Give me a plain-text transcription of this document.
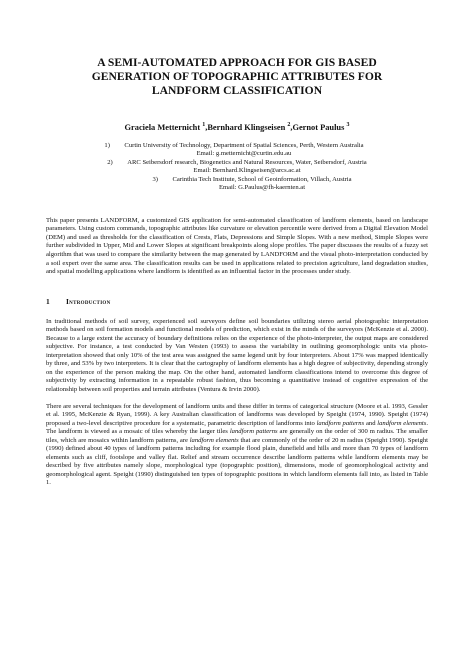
A SEMI-AUTOMATED APPROACH FOR GIS BASED
GENERATION OF TOPOGRAPHIC ATTRIBUTES FOR
LANDFORM CLASSIFICATION
Graciela Metternicht $^1$,Bernhard Klingseisen $^2$,Gernot Paulus $^3$
1)	Curtin University of Technology, Department of Spatial Sciences, Perth, Western Australia
Email: g.metternicht@curtin.edu.au
2)	ARC Seibersdorf research, Biogenetics and Natural Resources, Water, Seibersdorf, Austria
Email: Bernhard.Klingseisen@arcs.ac.at
3)	Carinthia Tech Institute, School of Geoinformation, Villach, Austria
Email: G.Paulus@fh-kaernten.at

This paper presents LANDFORM, a customized GIS application for semi-automated classification of landform elements, based on landscape parameters. Using custom commands, topographic attributes like curvature or elevation percentile were derived from a Digital Elevation Model (DEM) and used as thresholds for the classification of Crests, Flats, Depressions and Simple Slopes. With a new method, Simple Slopes were further subdivided in Upper, Mid and Lower Slopes at significant breakpoints along slope profiles. The paper discusses the results of a fuzzy set algorithm that was used to compare the similarity between the map generated by LANDFORM and the visual photo-interpretation conducted by a soil expert over the same area. The classification results can be used in applications related to precision agriculture, land degradation studies, and spatial modelling applications where landform is identified as an influential factor in the processes under study.

1	Introduction

In traditional methods of soil survey, experienced soil surveyors define soil boundaries utilizing stereo aerial photographic interpretation methods based on soil formation models and functional models of prediction, which exist in the minds of the surveyors (McKenzie et al. 2000). Because to a large extent the accuracy of boundary definitions relies on the experience of the photo-interpreter, the output maps are considered subjective. For instance, a test conducted by Van Westen (1993) to assess the variability in outlining geomorphologic units via photo-interpretation showed that only 10% of the test area was assigned the same legend unit by four interpreters. About 17% was mapped identically by three, and 53% by two interpreters. It is clear that the cartography of landform elements has a high degree of subjectivity, depending strongly on the experience of the person making the map. On the other hand, automated landform classifications intend to overcome this degree of subjectivity by extracting information in a repeatable robust fashion, thus becoming a quantitative instead of cognitive expression of the relationship between soil properties and terrain attributes (Ventura & Irvin 2000).

There are several techniques for the development of landform units and these differ in terms of categorical structure (Moore et al. 1993, Gessler et al. 1995, McKenzie & Ryan, 1999). A key Australian classification of landforms was developed by Speight (1974, 1990). Speight (1974) proposed a two-level descriptive procedure for a systematic, parametric description of landforms into landform patterns and landform elements. The landform is viewed as a mosaic of tiles whereby the larger tiles landform patterns are generally on the order of 300 m radius. The smaller tiles, which are mosaics within landform patterns, are landform elements that are commonly of the order of 20 m radius (Speight 1990). Speight (1990) defined about 40 types of landform patterns including for example flood plain, dunefield and hills and more than 70 types of landform elements such as cliff, footslope and valley flat. Relief and stream occurrence describe landform patterns while landform elements may be described by five attributes namely slope, morphological type (topographic position), dimensions, mode of geomorphological activity and geomorphological agent. Speight (1990) distinguished ten types of topographic positions in which landform elements fall into, as listed in Table 1.
